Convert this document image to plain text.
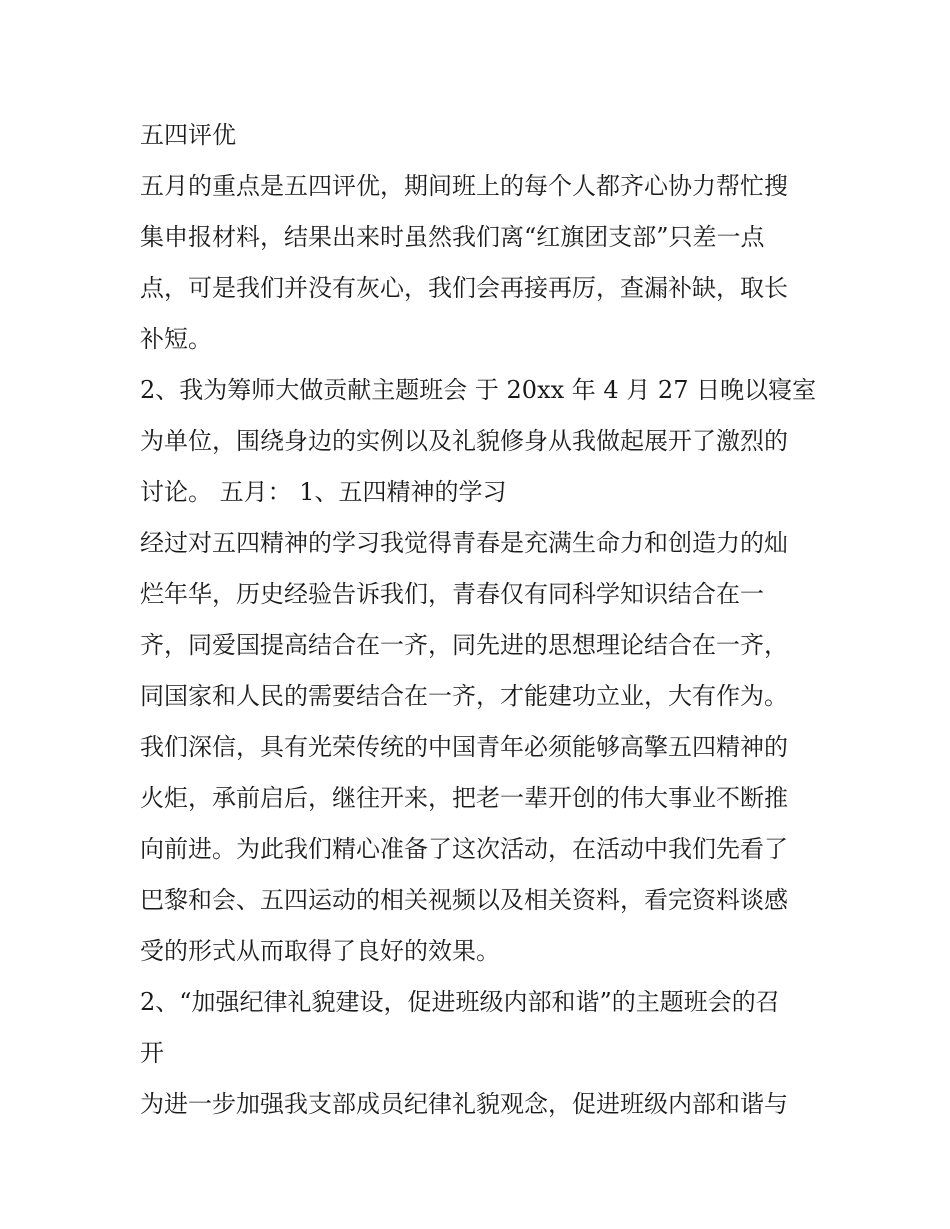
五四评优
五月的重点是五四评优，期间班上的每个人都齐心协力帮忙搜
集申报材料，结果出来时虽然我们离“红旗团支部”只差一点
点，可是我们并没有灰心，我们会再接再厉，查漏补缺，取长
补短。
2、我为筹师大做贡献主题班会 于 20xx 年 4 月 27 日晚以寝室
为单位，围绕身边的实例以及礼貌修身从我做起展开了激烈的
讨论。 五月： 1、五四精神的学习
经过对五四精神的学习我觉得青春是充满生命力和创造力的灿
烂年华，历史经验告诉我们，青春仅有同科学知识结合在一
齐，同爱国提高结合在一齐，同先进的思想理论结合在一齐，
同国家和人民的需要结合在一齐，才能建功立业，大有作为。
我们深信，具有光荣传统的中国青年必须能够高擎五四精神的
火炬，承前启后，继往开来，把老一辈开创的伟大事业不断推
向前进。为此我们精心准备了这次活动，在活动中我们先看了
巴黎和会、五四运动的相关视频以及相关资料，看完资料谈感
受的形式从而取得了良好的效果。
2、“加强纪律礼貌建设，促进班级内部和谐”的主题班会的召
开
为进一步加强我支部成员纪律礼貌观念，促进班级内部和谐与
